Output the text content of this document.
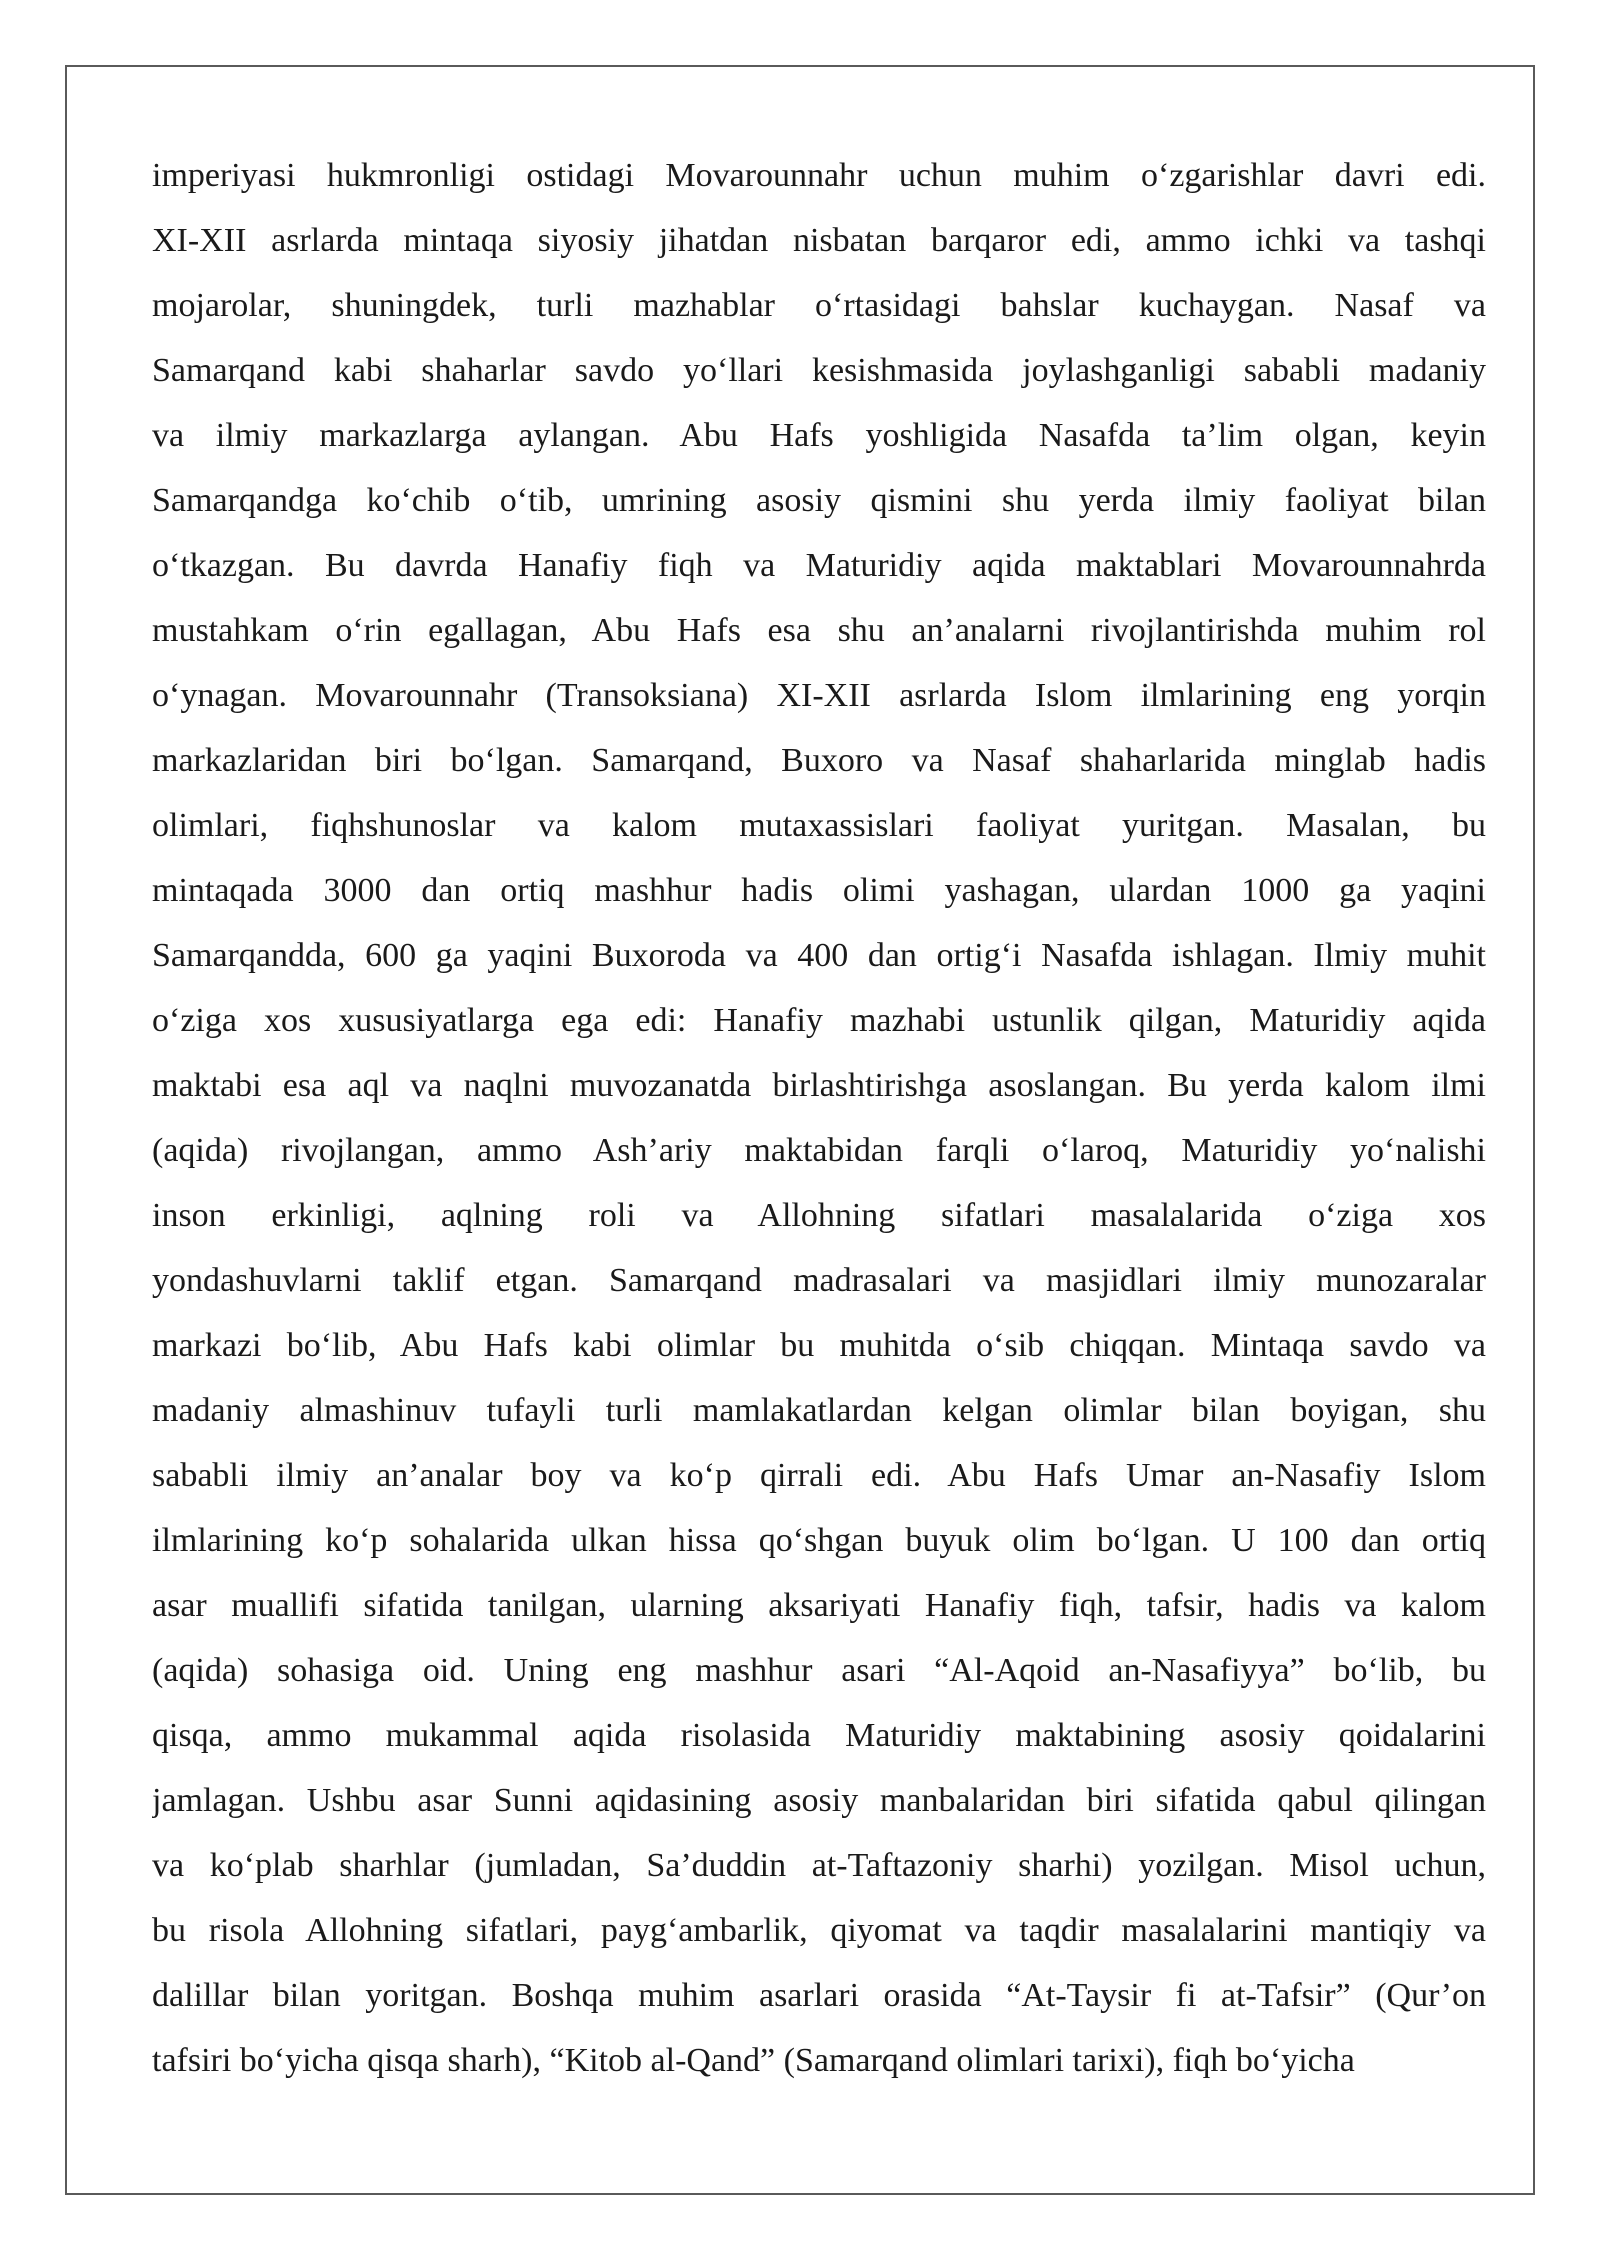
imperiyasi hukmronligi ostidagi Movarounnahr uchun muhim oʻzgarishlar davri edi.
XI-XII asrlarda mintaqa siyosiy jihatdan nisbatan barqaror edi, ammo ichki va tashqi
mojarolar, shuningdek, turli mazhablar oʻrtasidagi bahslar kuchaygan. Nasaf va
Samarqand kabi shaharlar savdo yoʻllari kesishmasida joylashganligi sababli madaniy
va ilmiy markazlarga aylangan. Abu Hafs yoshligida Nasafda ta’lim olgan, keyin
Samarqandga koʻchib oʻtib, umrining asosiy qismini shu yerda ilmiy faoliyat bilan
oʻtkazgan. Bu davrda Hanafiy fiqh va Maturidiy aqida maktablari Movarounnahrda
mustahkam oʻrin egallagan, Abu Hafs esa shu an’analarni rivojlantirishda muhim rol
oʻynagan. Movarounnahr (Transoksiana) XI-XII asrlarda Islom ilmlarining eng yorqin
markazlaridan biri boʻlgan. Samarqand, Buxoro va Nasaf shaharlarida minglab hadis
olimlari, fiqhshunoslar va kalom mutaxassislari faoliyat yuritgan. Masalan, bu
mintaqada 3000 dan ortiq mashhur hadis olimi yashagan, ulardan 1000 ga yaqini
Samarqandda, 600 ga yaqini Buxoroda va 400 dan ortigʻi Nasafda ishlagan. Ilmiy muhit
oʻziga xos xususiyatlarga ega edi: Hanafiy mazhabi ustunlik qilgan, Maturidiy aqida
maktabi esa aql va naqlni muvozanatda birlashtirishga asoslangan. Bu yerda kalom ilmi
(aqida) rivojlangan, ammo Ash’ariy maktabidan farqli oʻlaroq, Maturidiy yoʻnalishi
inson erkinligi, aqlning roli va Allohning sifatlari masalalarida oʻziga xos
yondashuvlarni taklif etgan. Samarqand madrasalari va masjidlari ilmiy munozaralar
markazi boʻlib, Abu Hafs kabi olimlar bu muhitda oʻsib chiqqan. Mintaqa savdo va
madaniy almashinuv tufayli turli mamlakatlardan kelgan olimlar bilan boyigan, shu
sababli ilmiy an’analar boy va koʻp qirrali edi. Abu Hafs Umar an-Nasafiy Islom
ilmlarining koʻp sohalarida ulkan hissa qoʻshgan buyuk olim boʻlgan. U 100 dan ortiq
asar muallifi sifatida tanilgan, ularning aksariyati Hanafiy fiqh, tafsir, hadis va kalom
(aqida) sohasiga oid. Uning eng mashhur asari “Al-Aqoid an-Nasafiyya” boʻlib, bu
qisqa, ammo mukammal aqida risolasida Maturidiy maktabining asosiy qoidalarini
jamlagan. Ushbu asar Sunni aqidasining asosiy manbalaridan biri sifatida qabul qilingan
va koʻplab sharhlar (jumladan, Sa’duddin at-Taftazoniy sharhi) yozilgan. Misol uchun,
bu risola Allohning sifatlari, paygʻambarlik, qiyomat va taqdir masalalarini mantiqiy va
dalillar bilan yoritgan. Boshqa muhim asarlari orasida “At-Taysir fi at-Tafsir” (Qur’on
tafsiri boʻyicha qisqa sharh), “Kitob al-Qand” (Samarqand olimlari tarixi), fiqh boʻyicha
